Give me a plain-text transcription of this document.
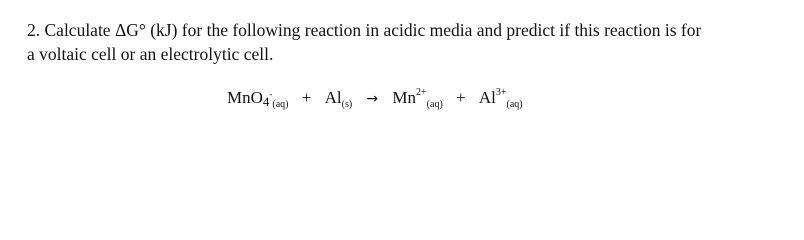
2. Calculate ΔG° (kJ) for the following reaction in acidic media and predict if this reaction is for
a voltaic cell or an electrolytic cell.

$MnO4^-_{(aq)} + Al_{(s)} \to Mn^{2+}_{(aq)} + Al^{3+}_{(aq)}$
